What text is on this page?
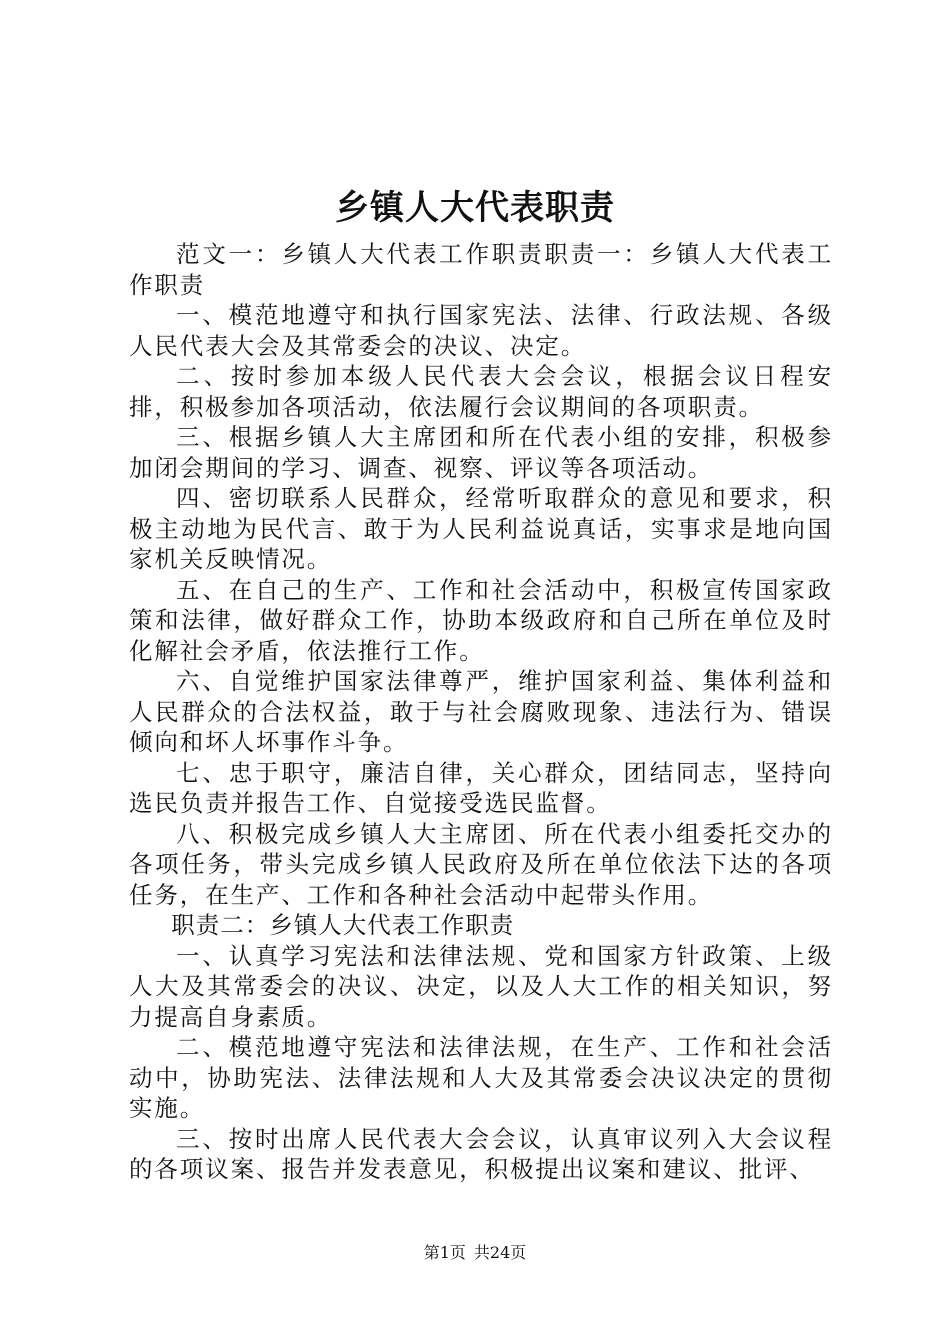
乡镇人大代表职责

范文一：乡镇人大代表工作职责职责一：乡镇人大代表工作职责

一、模范地遵守和执行国家宪法、法律、行政法规、各级人民代表大会及其常委会的决议、决定。

二、按时参加本级人民代表大会会议，根据会议日程安排，积极参加各项活动，依法履行会议期间的各项职责。

三、根据乡镇人大主席团和所在代表小组的安排，积极参加闭会期间的学习、调查、视察、评议等各项活动。

四、密切联系人民群众，经常听取群众的意见和要求，积极主动地为民代言、敢于为人民利益说真话，实事求是地向国家机关反映情况。

五、在自己的生产、工作和社会活动中，积极宣传国家政策和法律，做好群众工作，协助本级政府和自己所在单位及时化解社会矛盾，依法推行工作。

六、自觉维护国家法律尊严，维护国家利益、集体利益和人民群众的合法权益，敢于与社会腐败现象、违法行为、错误倾向和坏人坏事作斗争。

七、忠于职守，廉洁自律，关心群众，团结同志，坚持向选民负责并报告工作、自觉接受选民监督。

八、积极完成乡镇人大主席团、所在代表小组委托交办的各项任务，带头完成乡镇人民政府及所在单位依法下达的各项任务，在生产、工作和各种社会活动中起带头作用。

职责二：乡镇人大代表工作职责

一、认真学习宪法和法律法规、党和国家方针政策、上级人大及其常委会的决议、决定，以及人大工作的相关知识，努力提高自身素质。

二、模范地遵守宪法和法律法规，在生产、工作和社会活动中，协助宪法、法律法规和人大及其常委会决议决定的贯彻实施。

三、按时出席人民代表大会会议，认真审议列入大会议程的各项议案、报告并发表意见，积极提出议案和建议、批评、

第1页 共24页
